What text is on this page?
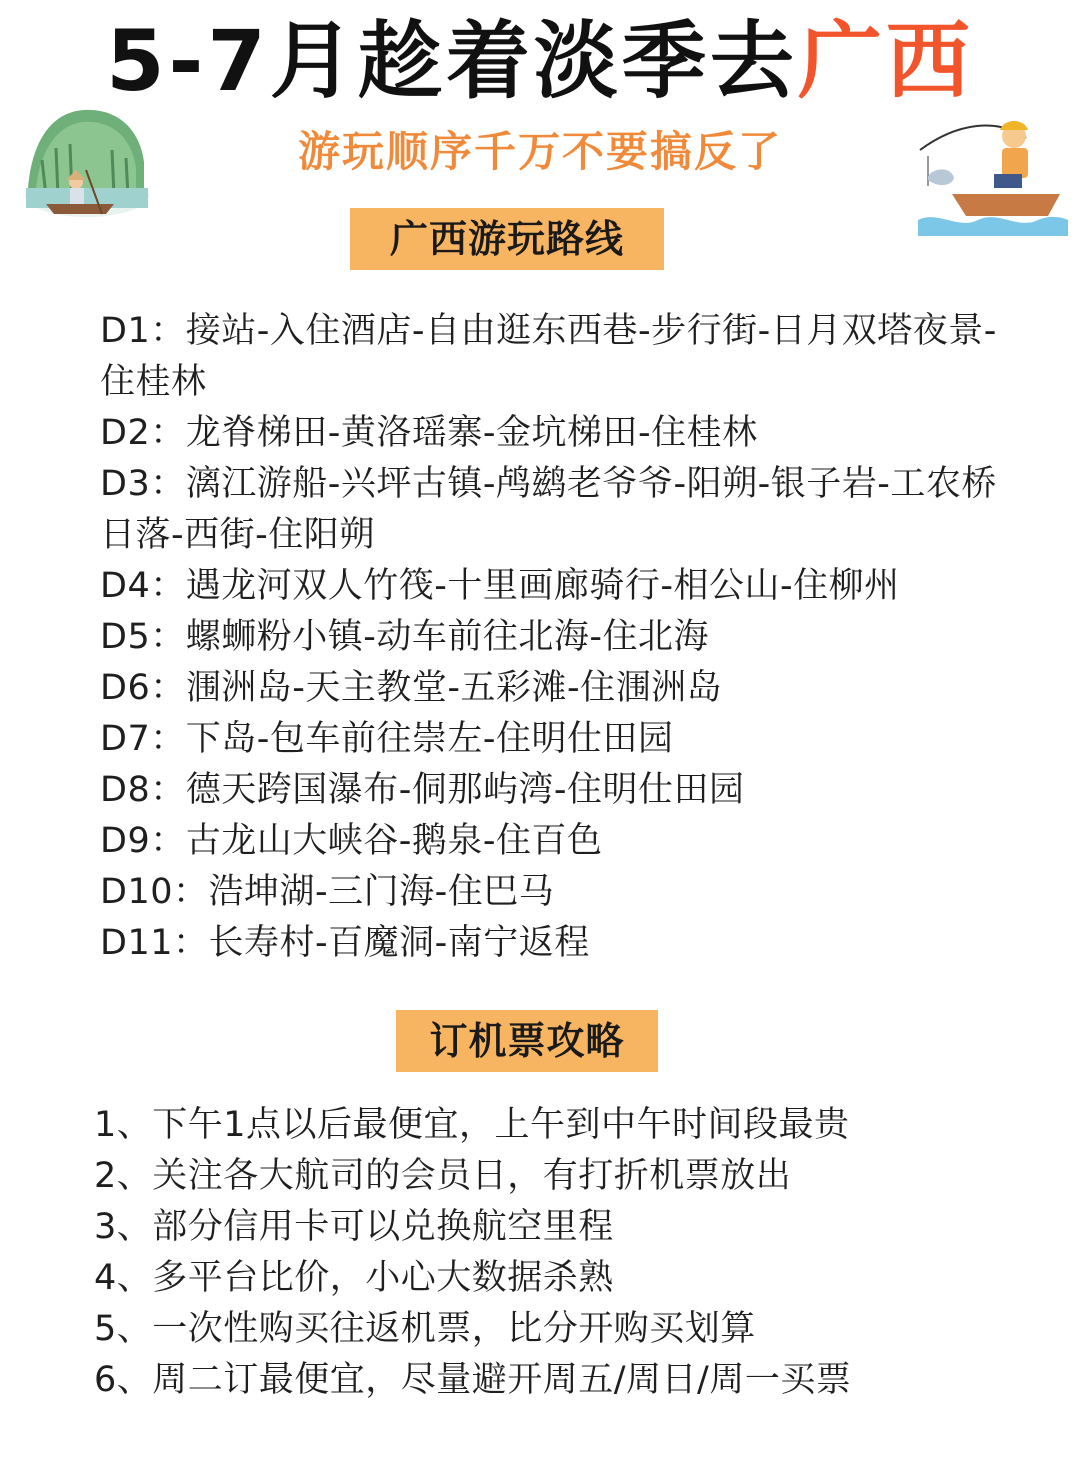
5-7月趁着淡季去广西
游玩顺序千万不要搞反了
广西游玩路线
D1：接站-入住酒店-自由逛东西巷-步行街-日月双塔夜景-住桂林
D2：龙脊梯田-黄洛瑶寨-金坑梯田-住桂林
D3：漓江游船-兴坪古镇-鸬鹚老爷爷-阳朔-银子岩-工农桥日落-西街-住阳朔
D4：遇龙河双人竹筏-十里画廊骑行-相公山-住柳州
D5：螺蛳粉小镇-动车前往北海-住北海
D6：涠洲岛-天主教堂-五彩滩-住涠洲岛
D7：下岛-包车前往崇左-住明仕田园
D8：德天跨国瀑布-侗那屿湾-住明仕田园
D9：古龙山大峡谷-鹅泉-住百色
D10：浩坤湖-三门海-住巴马
D11：长寿村-百魔洞-南宁返程
订机票攻略
1、下午1点以后最便宜，上午到中午时间段最贵
2、关注各大航司的会员日，有打折机票放出
3、部分信用卡可以兑换航空里程
4、多平台比价，小心大数据杀熟
5、一次性购买往返机票，比分开购买划算
6、周二订最便宜，尽量避开周五/周日/周一买票
